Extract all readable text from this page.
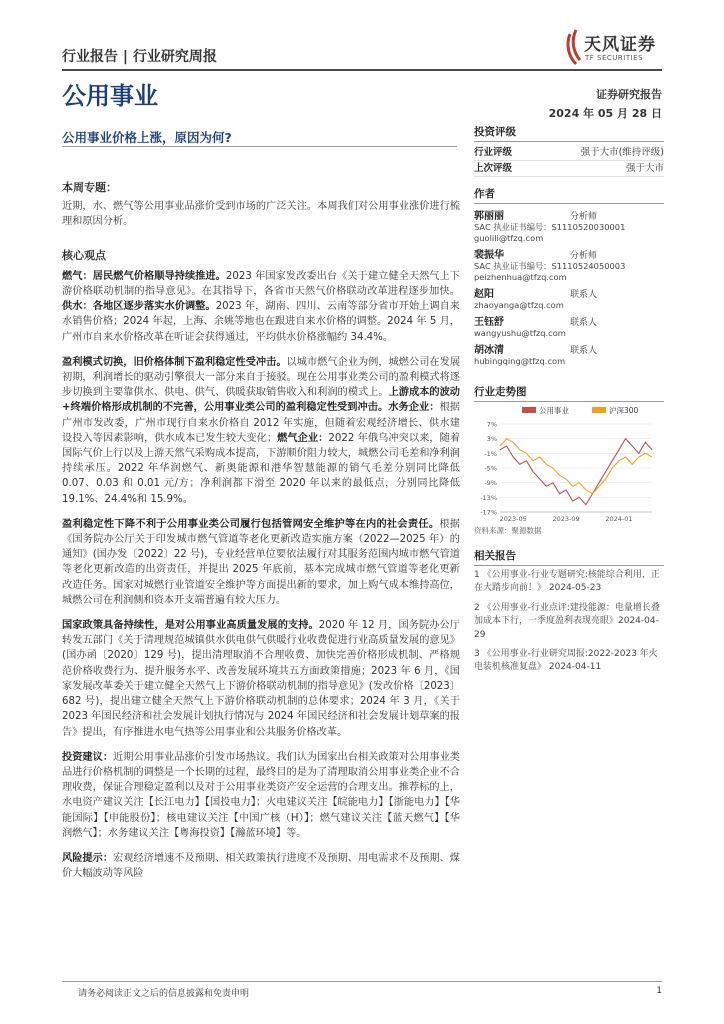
行业报告 | 行业研究周报
天风证券
TF SECURITIES
公用事业	证券研究报告
2024 年 05 月 28 日
公用事业价格上涨，原因为何?
本周专题：

近期，水、燃气等公用事业品涨价受到市场的广泛关注。本周我们对公用事业涨价进行梳理和原因分析。

核心观点

燃气：居民燃气价格顺导持续推进。2023 年国家发改委出台《关于建立健全天然气上下游价格联动机制的指导意见》。在其指导下，各省市天然气价格联动改革进程逐步加快。供水：各地区逐步落实水价调整。2023 年，湖南、四川、云南等部分省市开始上调自来水销售价格；2024 年起，上海、余姚等地也在跟进自来水价格的调整。2024 年 5 月，广州市自来水价格改革在听证会获得通过，平均供水价格涨幅约 34.4%。

盈利模式切换，旧价格体制下盈利稳定性受冲击。以城市燃气企业为例，城燃公司在发展初期，利润增长的驱动引擎很大一部分来自于接驳。现在公用事业类公司的盈利模式将逐步切换到主要靠供水、供电、供气、供暖获取销售收入和利润的模式上。上游成本的波动+终端价格形成机制的不完善，公用事业类公司的盈利稳定性受到冲击。水务企业：根据广州市发改委，广州市现行自来水价格自 2012 年实施，但随着宏观经济增长、供水建设投入等因素影响，供水成本已发生较大变化；燃气企业：2022 年俄乌冲突以来，随着国际气价上行以及上游天然气采购成本提高，下游顺价阻力较大，城燃公司毛差和净利润持续承压。2022 年华润燃气、新奥能源和港华智慧能源的销气毛差分别同比降低 0.07、0.03 和 0.01 元/方；净利润都下滑至 2020 年以来的最低点，分别同比降低 19.1%、24.4%和 15.9%。

盈利稳定性下降不利于公用事业类公司履行包括管网安全维护等在内的社会责任。根据《国务院办公厅关于印发城市燃气管道等老化更新改造实施方案（2022—2025 年）的通知》(国办发〔2022〕22 号)，专业经营单位要依法履行对其服务范围内城市燃气管道等老化更新改造的出资责任，并提出 2025 年底前，基本完成城市燃气管道等老化更新改造任务。国家对城燃行业管道安全维护等方面提出新的要求，加上购气成本维持高位，城燃公司在利润侧和资本开支端普遍有较大压力。

国家政策具备持续性，是对公用事业高质量发展的支持。2020 年 12 月，国务院办公厅转发五部门《关于清理规范城镇供水供电供气供暖行业收费促进行业高质量发展的意见》(国办函〔2020〕129 号)，提出清理取消不合理收费、加快完善价格形成机制、严格规范价格收费行为、提升服务水平、改善发展环境共五方面政策措施；2023 年 6 月，《国家发展改革委关于建立健全天然气上下游价格联动机制的指导意见》(发改价格〔2023〕682 号)，提出建立健全天然气上下游价格联动机制的总体要求；2024 年 3 月，《关于 2023 年国民经济和社会发展计划执行情况与 2024 年国民经济和社会发展计划草案的报告》提出，有序推进水电气热等公用事业和公共服务价格改革。

投资建议：近期公用事业品涨价引发市场热议。我们认为国家出台相关政策对公用事业类品进行价格机制的调整是一个长期的过程，最终目的是为了清理取消公用事业类企业不合理收费，保证合理稳定盈利以及对于公用事业类资产安全运营的合理支出。推荐标的上，水电资产建议关注【长江电力】【国投电力】；火电建议关注【皖能电力】【浙能电力】【华能国际】【申能股份】；核电建议关注【中国广核（H）】；燃气建议关注【蓝天燃气】【华润燃气】；水务建议关注【粤海投资】【瀚蓝环境】等。

风险提示：宏观经济增速不及预期、相关政策执行进度不及预期、用电需求不及预期、煤价大幅波动等风险

投资评级
行业评级	强于大市(维持评级)
上次评级	强于大市
作者
郭丽丽	分析师
SAC 执业证书编号：S1110520030001
guolili@tfzq.com
裴振华	分析师
SAC 执业证书编号：S1110524050003
peizhenhua@tfzq.com
赵阳	联系人
zhaoyanga@tfzq.com
王钰舒	联系人
wangyushu@tfzq.com
胡冰清	联系人
hubingqing@tfzq.com
行业走势图
公用事业	沪深300
7%
3%
-1%
-5%
-9%
-13%
-17%
2023-05	2023-09	2024-01
资料来源：聚源数据
相关报告
1 《公用事业-行业专题研究:核能综合利用，正在大踏步向前！》 2024-05-23
2 《公用事业-行业点评:建投能源：电量增长叠加成本下行，一季度盈利表现亮眼》2024-04-29
3 《公用事业-行业研究周报:2022-2023 年火电装机核准复盘》 2024-04-11
请务必阅读正文之后的信息披露和免责申明	1
